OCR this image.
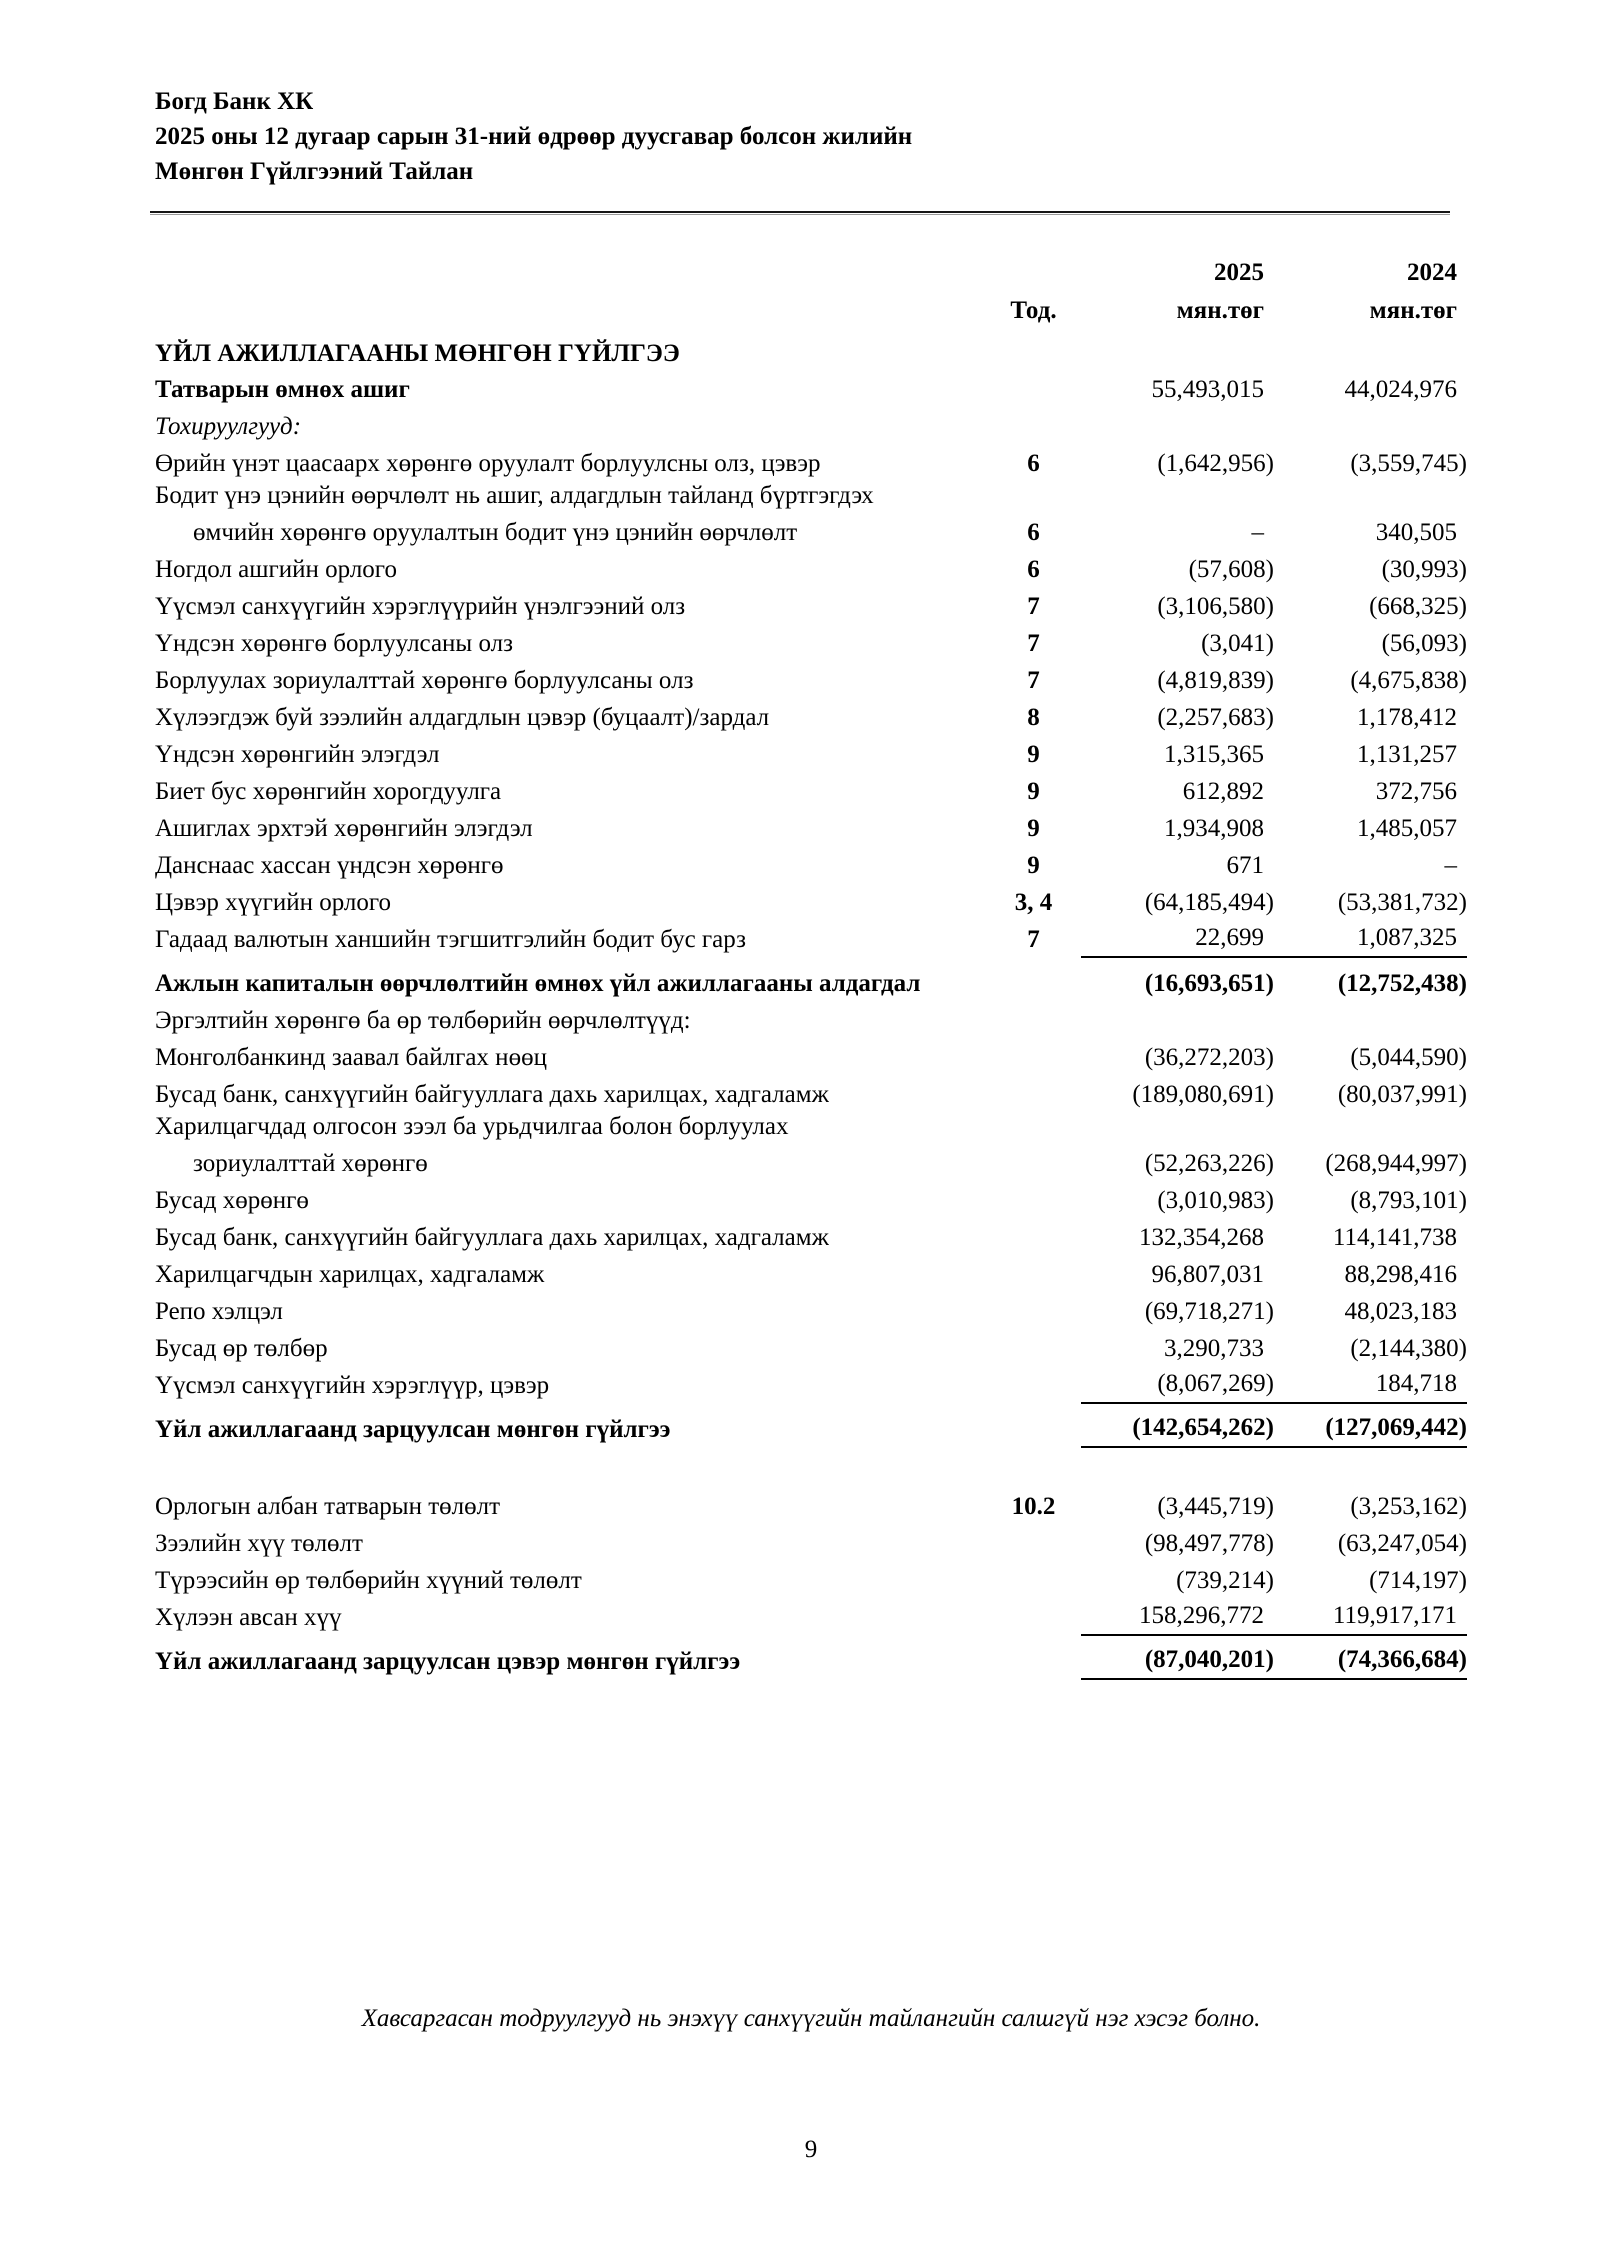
Богд Банк ХК
2025 оны 12 дугаар сарын 31-ний өдрөөр дуусгавар болсон жилийн
Мөнгөн Гүйлгээний Тайлан
2025	2024
Тод.	мян.төг	мян.төг
ҮЙЛ АЖИЛЛАГААНЫ МӨНГӨН ГҮЙЛГЭЭ
Татварын өмнөх ашиг	55,493,015	44,024,976
Тохируулгууд:
Өрийн үнэт цаасаарх хөрөнгө оруулалт борлуулсны олз, цэвэр	6	(1,642,956)	(3,559,745)
Бодит үнэ цэнийн өөрчлөлт нь ашиг, алдагдлын тайланд бүртгэгдэх
өмчийн хөрөнгө оруулалтын бодит үнэ цэнийн өөрчлөлт	6	–	340,505
Ногдол ашгийн орлого	6	(57,608)	(30,993)
Үүсмэл санхүүгийн хэрэглүүрийн үнэлгээний олз	7	(3,106,580)	(668,325)
Үндсэн хөрөнгө борлуулсаны олз	7	(3,041)	(56,093)
Борлуулах зориулалттай хөрөнгө борлуулсаны олз	7	(4,819,839)	(4,675,838)
Хүлээгдэж буй зээлийн алдагдлын цэвэр (буцаалт)/зардал	8	(2,257,683)	1,178,412
Үндсэн хөрөнгийн элэгдэл	9	1,315,365	1,131,257
Биет бус хөрөнгийн хорогдуулга	9	612,892	372,756
Ашиглах эрхтэй хөрөнгийн элэгдэл	9	1,934,908	1,485,057
Данснаас хассан үндсэн хөрөнгө	9	671	–
Цэвэр хүүгийн орлого	3, 4	(64,185,494)	(53,381,732)
Гадаад валютын ханшийн тэгшитгэлийн бодит бус гарз	7	22,699	1,087,325
Ажлын капиталын өөрчлөлтийн өмнөх үйл ажиллагааны алдагдал	(16,693,651)	(12,752,438)
Эргэлтийн хөрөнгө ба өр төлбөрийн өөрчлөлтүүд:
Монголбанкинд заавал байлгах нөөц	(36,272,203)	(5,044,590)
Бусад банк, санхүүгийн байгууллага дахь харилцах, хадгаламж	(189,080,691)	(80,037,991)
Харилцагчдад олгосон зээл ба урьдчилгаа болон борлуулах
зориулалттай хөрөнгө	(52,263,226)	(268,944,997)
Бусад хөрөнгө	(3,010,983)	(8,793,101)
Бусад банк, санхүүгийн байгууллага дахь харилцах, хадгаламж	132,354,268	114,141,738
Харилцагчдын харилцах, хадгаламж	96,807,031	88,298,416
Репо хэлцэл	(69,718,271)	48,023,183
Бусад өр төлбөр	3,290,733	(2,144,380)
Үүсмэл санхүүгийн хэрэглүүр, цэвэр	(8,067,269)	184,718
Үйл ажиллагаанд зарцуулсан мөнгөн гүйлгээ	(142,654,262)	(127,069,442)
Орлогын албан татварын төлөлт	10.2	(3,445,719)	(3,253,162)
Зээлийн хүү төлөлт	(98,497,778)	(63,247,054)
Түрээсийн өр төлбөрийн хүүний төлөлт	(739,214)	(714,197)
Хүлээн авсан хүү	158,296,772	119,917,171
Үйл ажиллагаанд зарцуулсан цэвэр мөнгөн гүйлгээ	(87,040,201)	(74,366,684)
Хавсаргасан тодруулгууд нь энэхүү санхүүгийн тайлангийн салшгүй нэг хэсэг болно.
9
